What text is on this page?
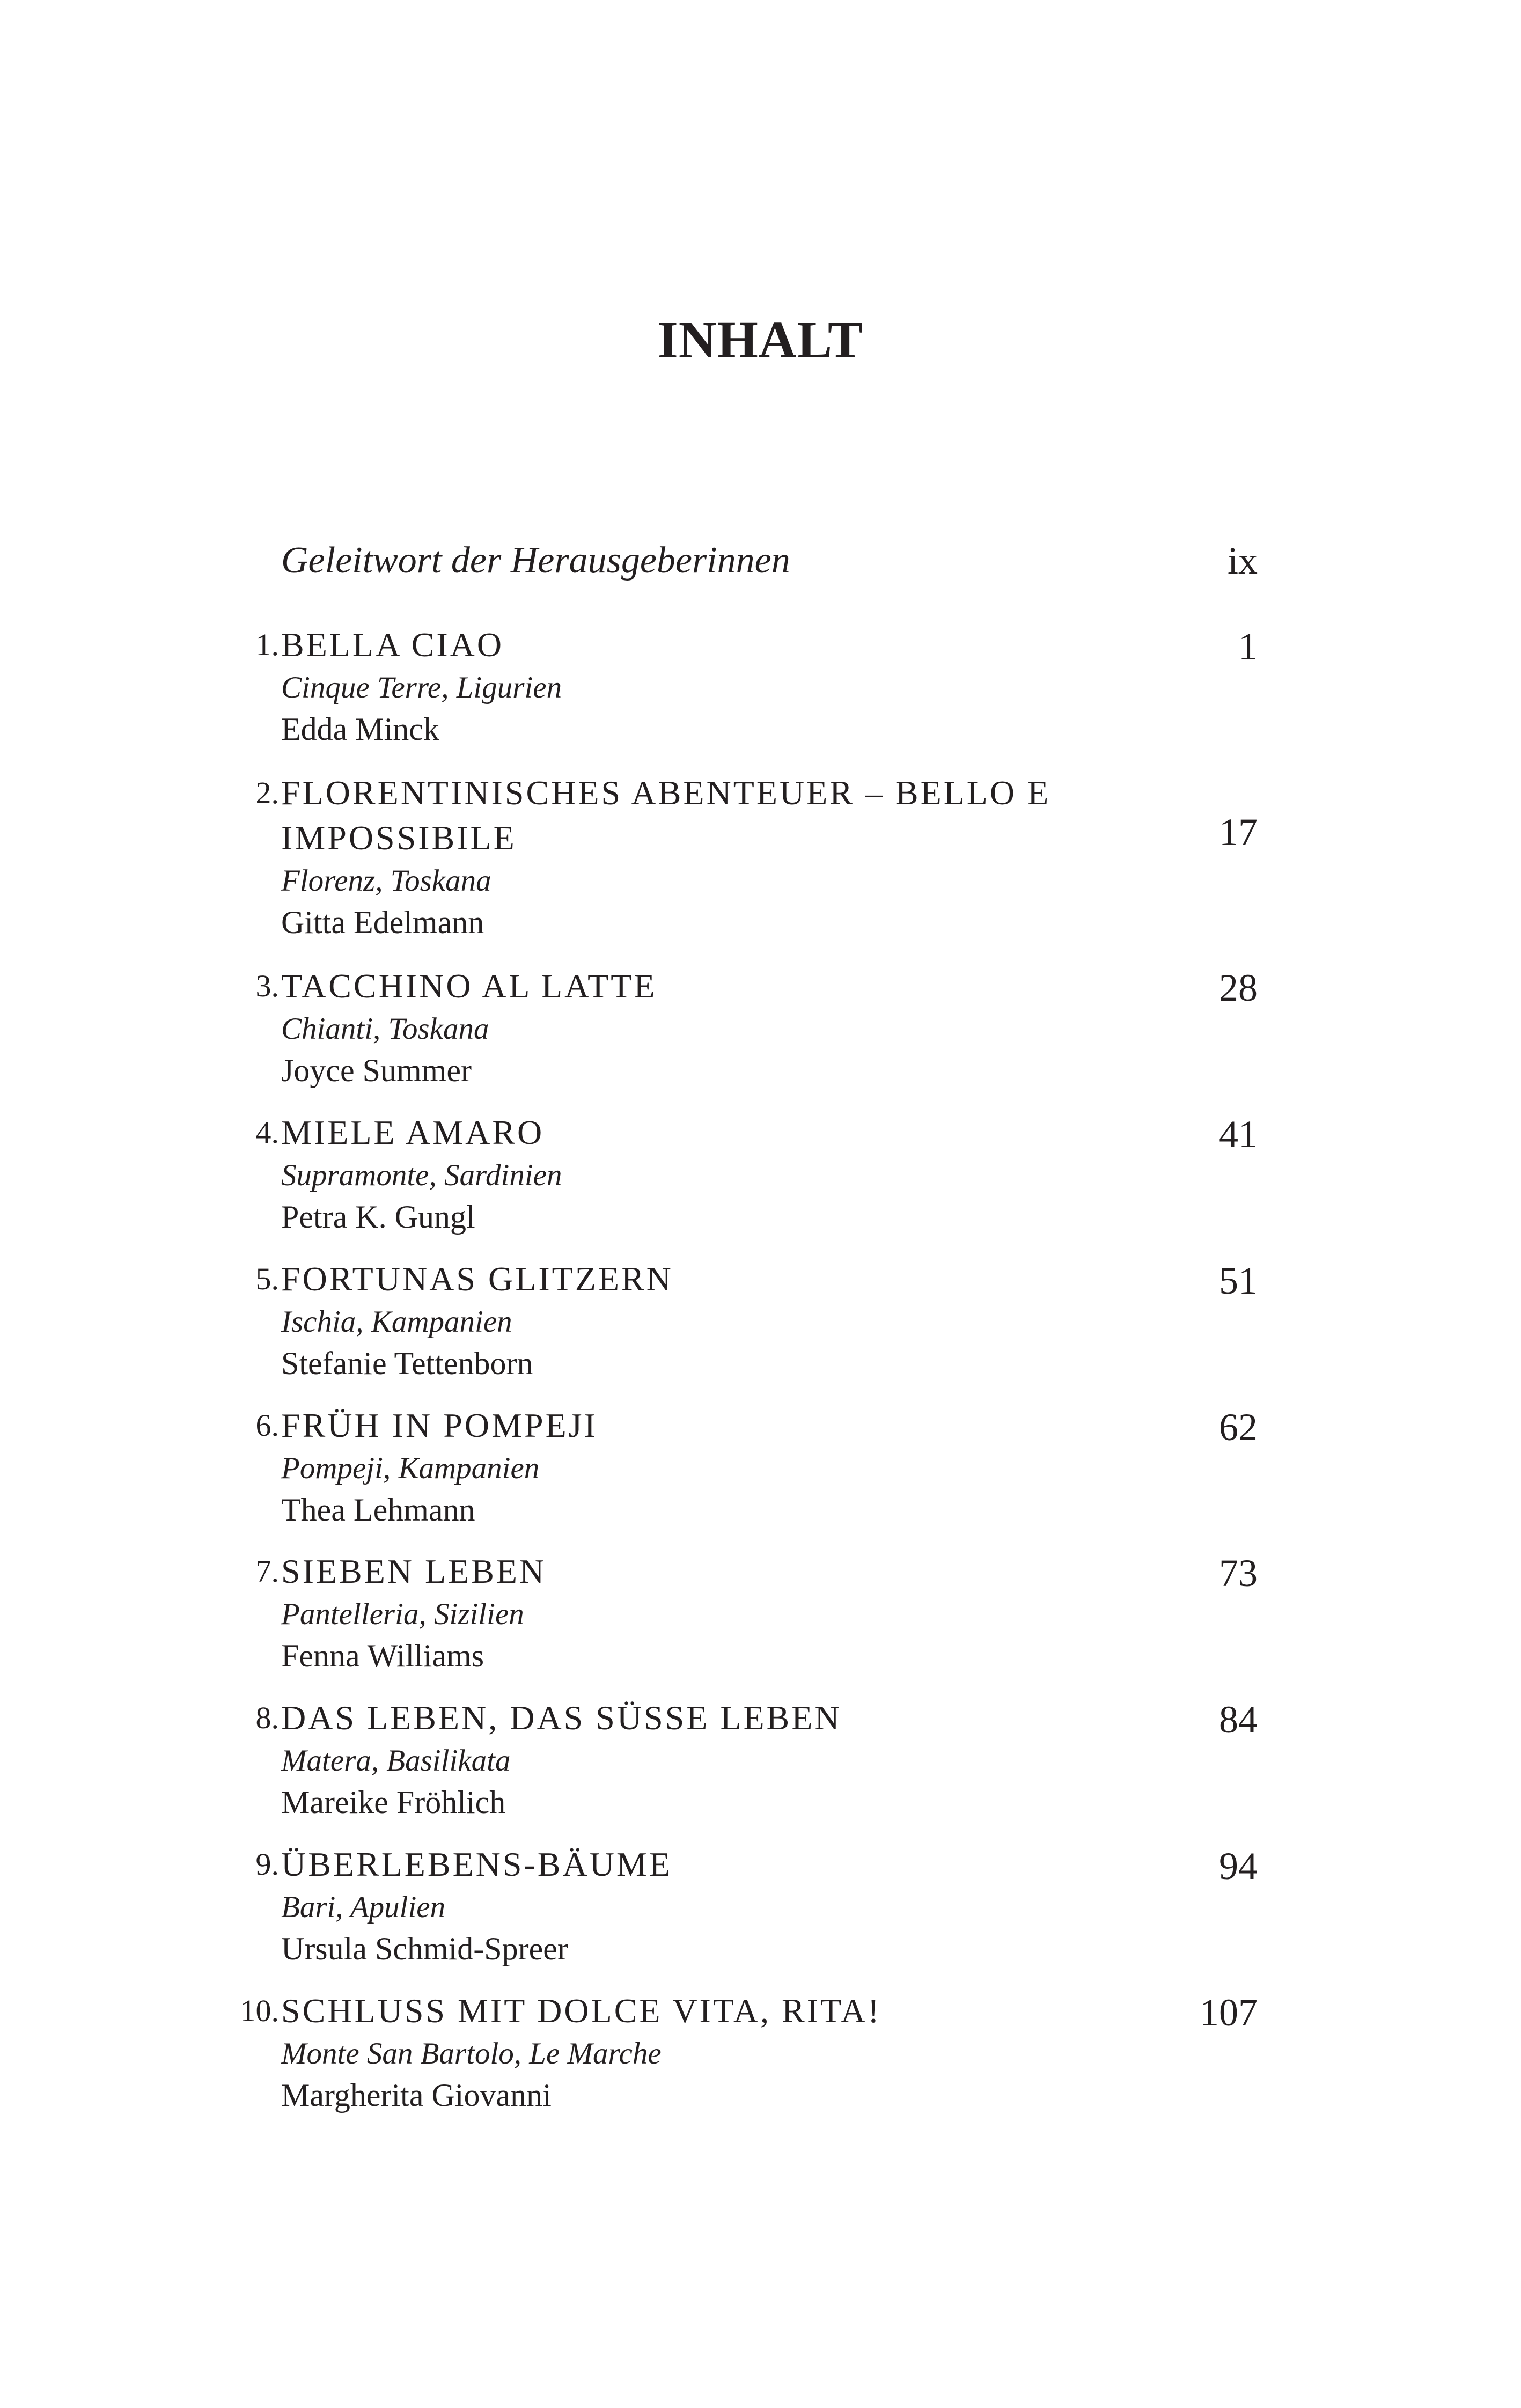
INHALT
Geleitwort der Herausgeberinnen	ix
1. BELLA CIAO
Cinque Terre, Ligurien
Edda Minck
1
2. FLORENTINISCHES ABENTEUER – BELLO E
IMPOSSIBILE
Florenz, Toskana
Gitta Edelmann
17
3. TACCHINO AL LATTE
Chianti, Toskana
Joyce Summer
28
4. MIELE AMARO
Supramonte, Sardinien
Petra K. Gungl
41
5. FORTUNAS GLITZERN
Ischia, Kampanien
Stefanie Tettenborn
51
6. FRÜH IN POMPEJI
Pompeji, Kampanien
Thea Lehmann
62
7. SIEBEN LEBEN
Pantelleria, Sizilien
Fenna Williams
73
8. DAS LEBEN, DAS SÜSSE LEBEN
Matera, Basilikata
Mareike Fröhlich
84
9. ÜBERLEBENS-BÄUME
Bari, Apulien
Ursula Schmid-Spreer
94
10. SCHLUSS MIT DOLCE VITA, RITA!
Monte San Bartolo, Le Marche
Margherita Giovanni
107
